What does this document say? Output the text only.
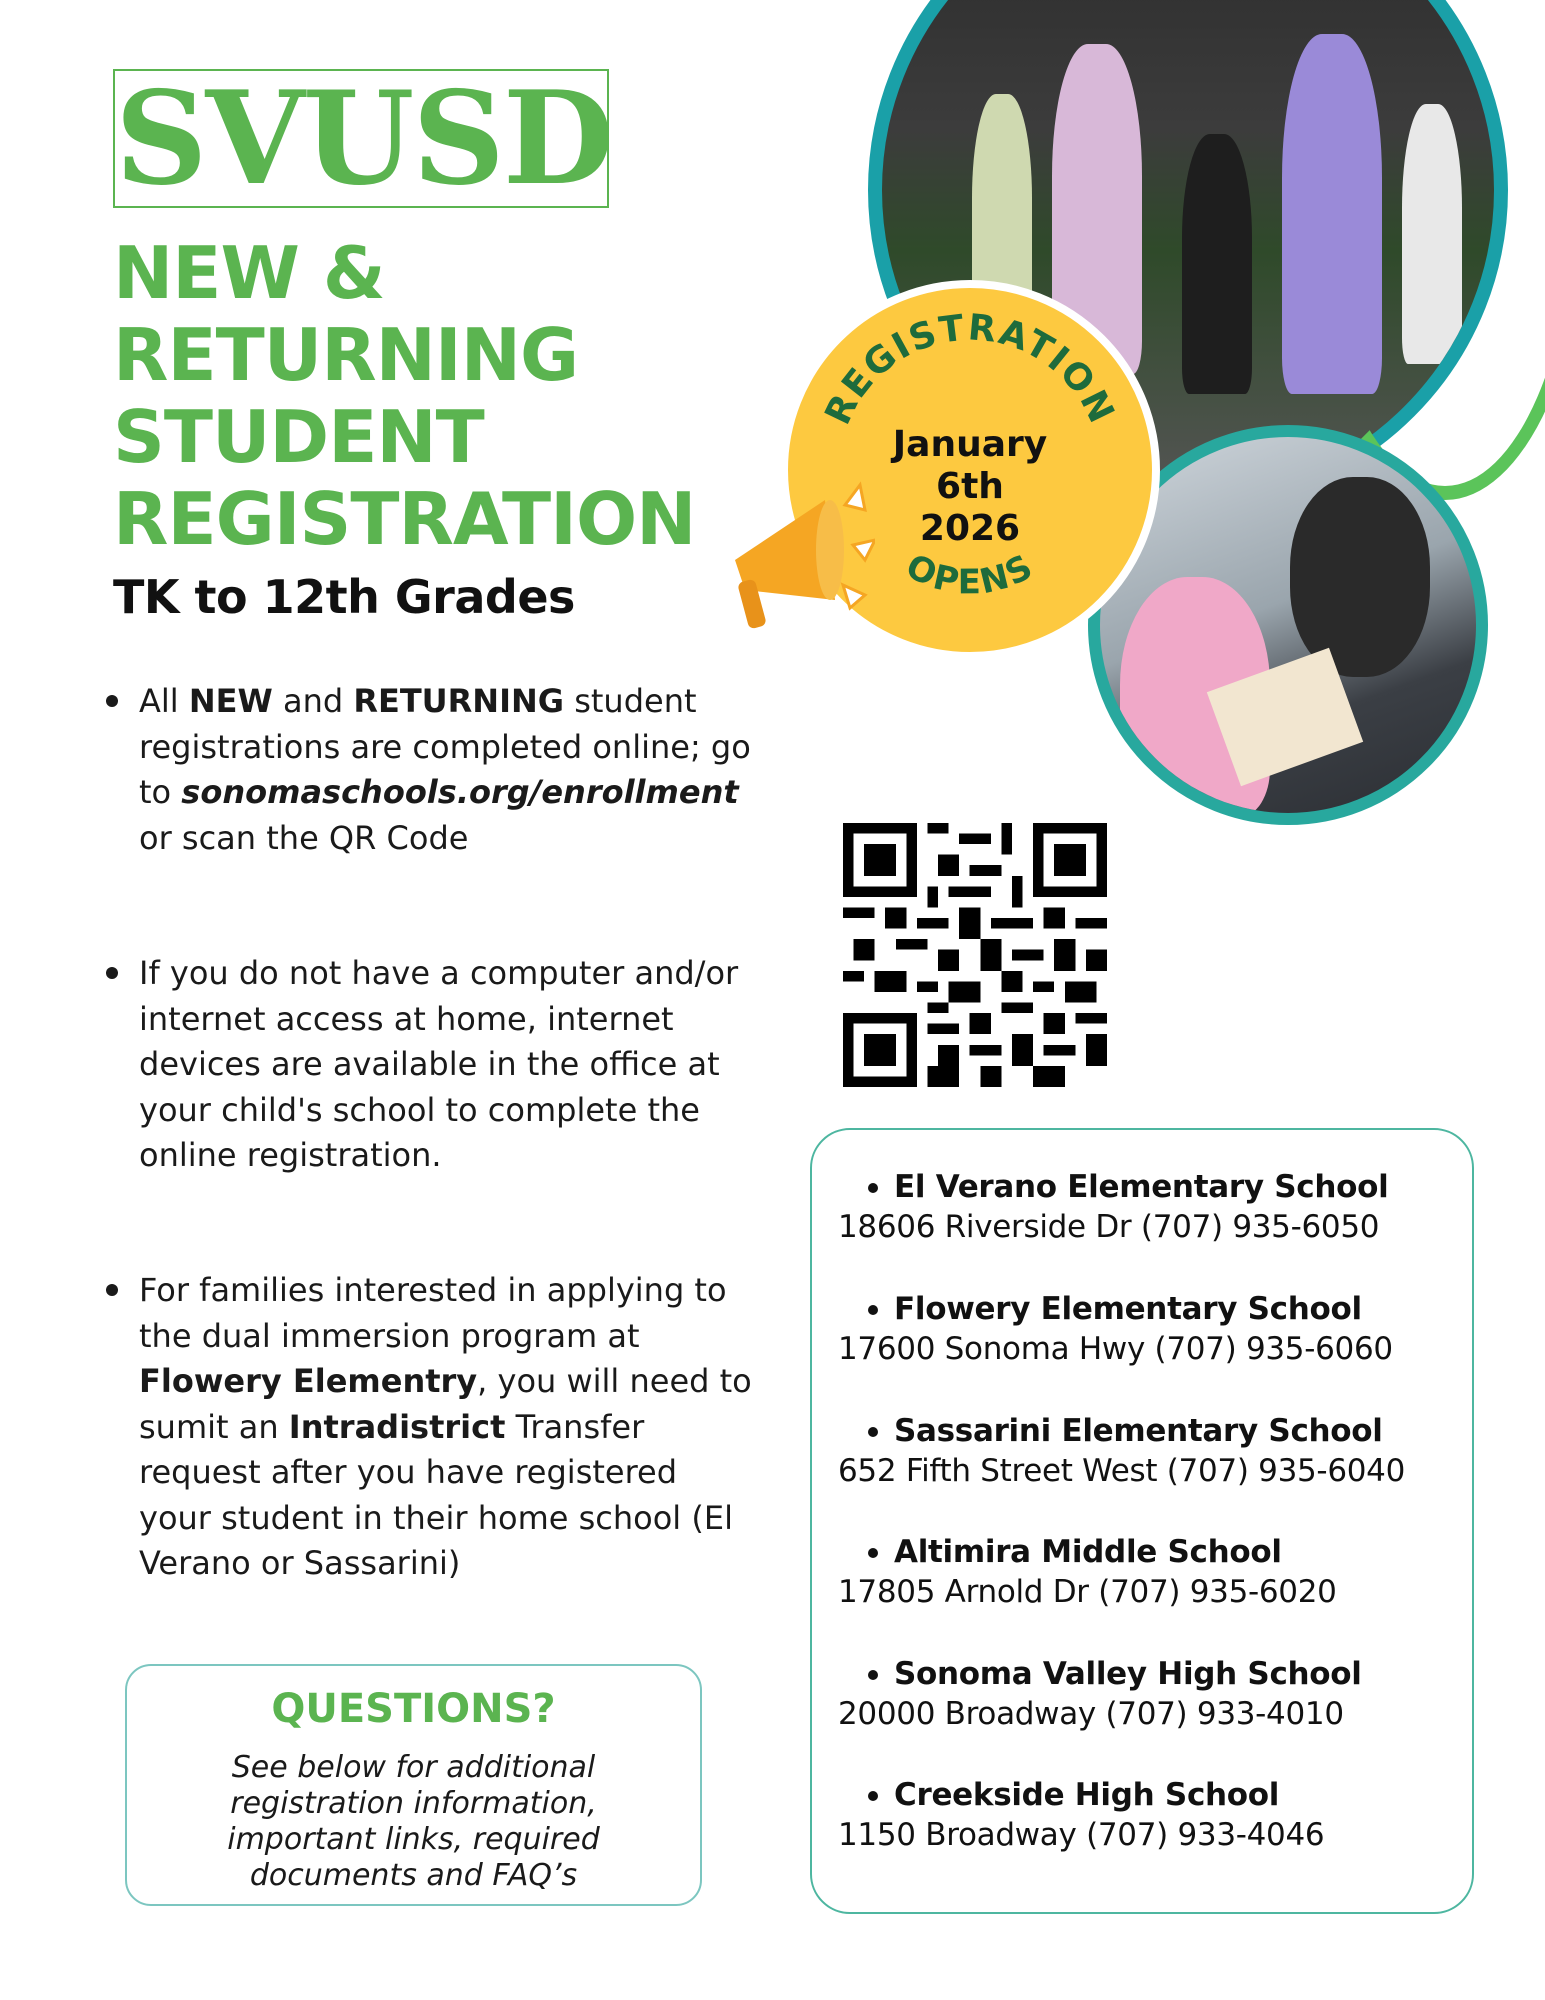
SVUSD
NEW &
RETURNING
STUDENT
REGISTRATION
TK to 12th Grades
All NEW and RETURNING student registrations are completed online; go to sonomaschools.org/enrollment or scan the QR Code
If you do not have a computer and/or internet access at home, internet devices are available in the office at your child's school to complete the online registration.
For families interested in applying to the dual immersion program at Flowery Elementry, you will need to sumit an Intradistrict Transfer request after you have registered your student in their home school (El Verano or Sassarini)
QUESTIONS?
See below for additional registration information, important links, required documents and FAQ’s
REGISTRATION
OPENS
January
6th
2026
El Verano Elementary School
18606 Riverside Dr (707) 935-6050
Flowery Elementary School
17600 Sonoma Hwy (707) 935-6060
Sassarini Elementary School
652 Fifth Street West (707) 935-6040
Altimira Middle School
17805 Arnold Dr (707) 935-6020
Sonoma Valley High School
20000 Broadway (707) 933-4010
Creekside High School
1150 Broadway (707) 933-4046
